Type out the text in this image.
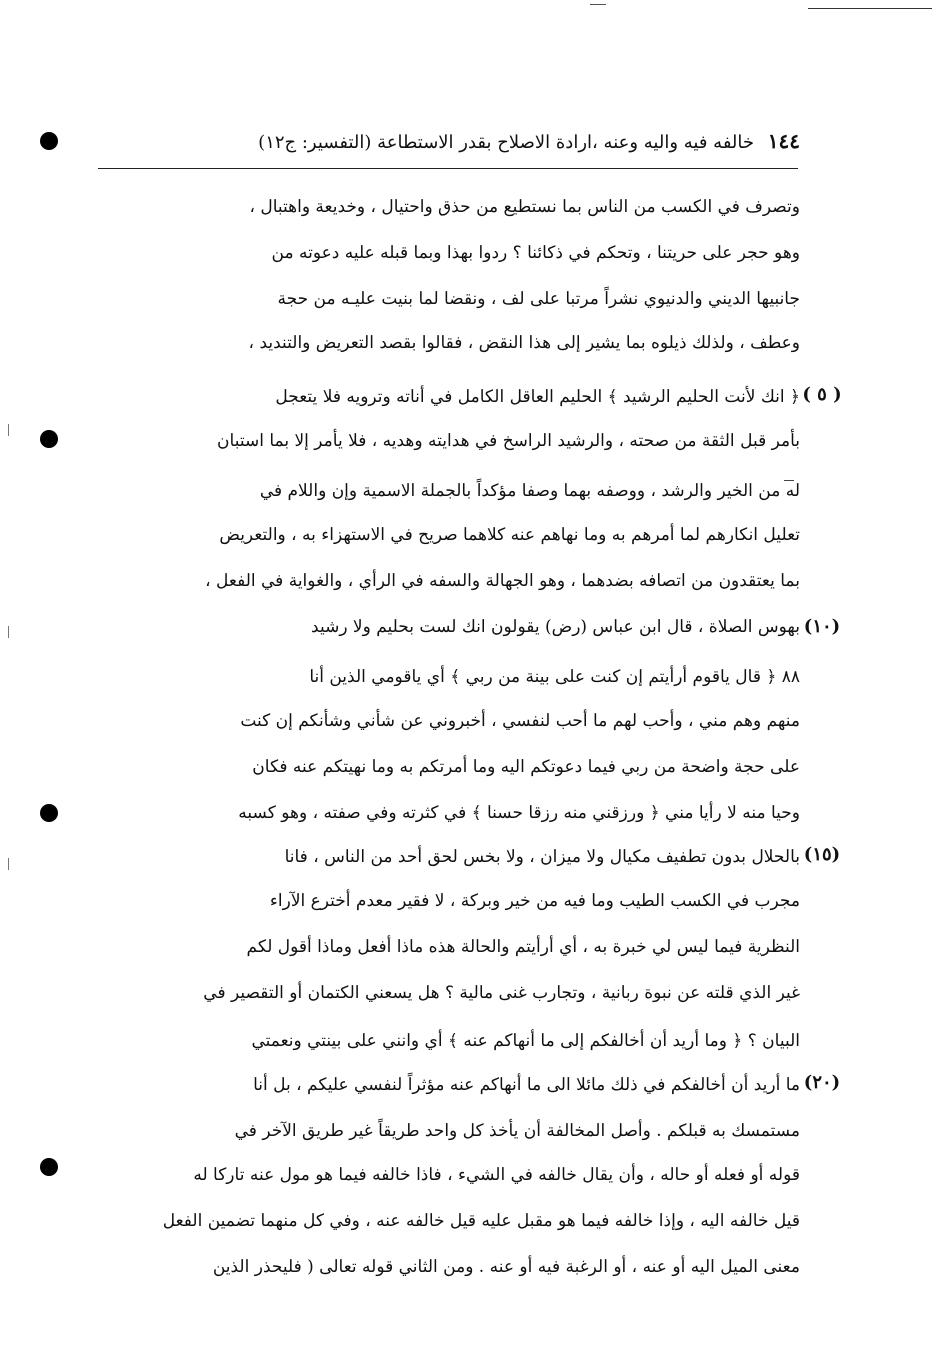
١٤٤ خالفه فيه واليه وعنه ،ارادة الاصلاح بقدر الاستطاعة (التفسير: ج١٢)
( ٥ )
(١٠)
(١٥)
(٢٠)
وتصرف في الكسب من الناس بما نستطيع من حذق واحتيال ، وخديعة واهتبال ،
وهو حجر على حريتنا ، وتحكم في ذكائنا ؟ ردوا بهذا وبما قبله عليه دعوته من
جانبيها الديني والدنيوي نشراً مرتبا على لف ، ونقضا لما بنيت عليـه من حجة
وعطف ، ولذلك ذيلوه بما يشير إلى هذا النقض ، فقالوا بقصد التعريض والتنديد ،
﴿ انك لأنت الحليم الرشيد ﴾ الحليم العاقل الكامل في أناته وترويه فلا يتعجل
بأمر قبل الثقة من صحته ، والرشيد الراسخ في هدايته وهديه ، فلا يأمر إلا بما استبان
له من الخير والرشد ، ووصفه بهما وصفا مؤكداً بالجملة الاسمية وإن واللام في
تعليل انكارهم لما أمرهم به وما نهاهم عنه كلاهما صريح في الاستهزاء به ، والتعريض
بما يعتقدون من اتصافه بضدهما ، وهو الجهالة والسفه في الرأي ، والغواية في الفعل ،
بهوس الصلاة ، قال ابن عباس (رض) يقولون انك لست بحليم ولا رشيد
٨٨ ﴿ قال ياقوم أرأيتم إن كنت على بينة من ربي ﴾ أي ياقومي الذين أنا
منهم وهم مني ، وأحب لهم ما أحب لنفسي ، أخبروني عن شأني وشأنكم إن كنت
على حجة واضحة من ربي فيما دعوتكم اليه وما أمرتكم به وما نهيتكم عنه فكان
وحيا منه لا رأيا مني ﴿ ورزقني منه رزقا حسنا ﴾ في كثرته وفي صفته ، وهو كسبه
بالحلال بدون تطفيف مكيال ولا ميزان ، ولا بخس لحق أحد من الناس ، فانا
مجرب في الكسب الطيب وما فيه من خير وبركة ، لا فقير معدم أخترع الآراء
النظرية فيما ليس لي خبرة به ، أي أرأيتم والحالة هذه ماذا أفعل وماذا أقول لكم
غير الذي قلته عن نبوة ربانية ، وتجارب غنى مالية ؟ هل يسعني الكتمان أو التقصير في
البيان ؟ ﴿ وما أريد أن أخالفكم إلى ما أنهاكم عنه ﴾ أي وانني على بينتي ونعمتي
ما أريد أن أخالفكم في ذلك مائلا الى ما أنهاكم عنه مؤثراً لنفسي عليكم ، بل أنا
مستمسك به قبلكم . وأصل المخالفة أن يأخذ كل واحد طريقاً غير طريق الآخر في
قوله أو فعله أو حاله ، وأن يقال خالفه في الشيء ، فاذا خالفه فيما هو مول عنه تاركا له
قيل خالفه اليه ، وإذا خالفه فيما هو مقبل عليه قيل خالفه عنه ، وفي كل منهما تضمين الفعل
معنى الميل اليه أو عنه ، أو الرغبة فيه أو عنه . ومن الثاني قوله تعالى ( فليحذر الذين
